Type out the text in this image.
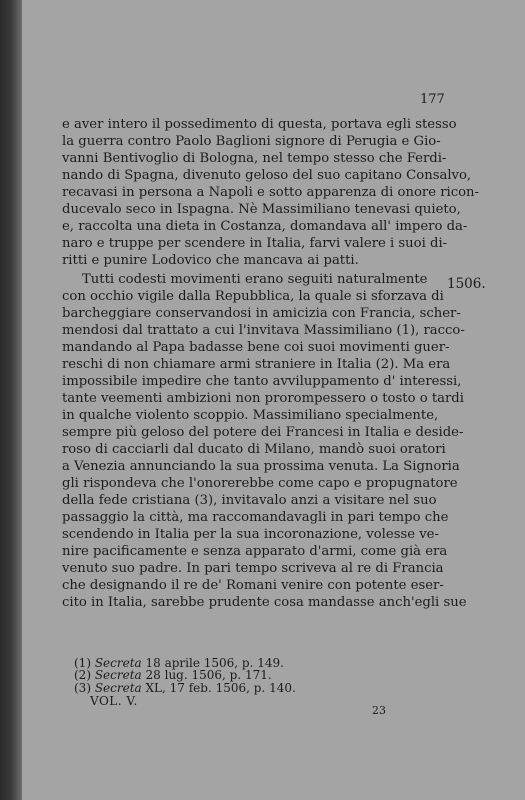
177
e aver intero il possedimento di questa, portava egli stesso
la guerra contro Paolo Baglioni signore di Perugia e Gio-
vanni Bentivoglio di Bologna, nel tempo stesso che Ferdi-
nando di Spagna, divenuto geloso del suo capitano Consalvo,
recavasi in persona a Napoli e sotto apparenza di onore ricon-
ducevalo seco in Ispagna. Nè Massimiliano tenevasi quieto,
e, raccolta una dieta in Costanza, domandava all' impero da-
naro e truppe per scendere in Italia, farvi valere i suoi di-
ritti e punire Lodovico che mancava ai patti.
Tutti codesti movimenti erano seguiti naturalmente
con occhio vigile dalla Repubblica, la quale si sforzava di
barcheggiare conservandosi in amicizia con Francia, scher-
mendosi dal trattato a cui l'invitava Massimiliano (1), racco-
mandando al Papa badasse bene coi suoi movimenti guer-
reschi di non chiamare armi straniere in Italia (2). Ma era
impossibile impedire che tanto avviluppamento d' interessi,
tante veementi ambizioni non prorompessero o tosto o tardi
in qualche violento scoppio. Massimiliano specialmente,
sempre più geloso del potere dei Francesi in Italia e deside-
roso di cacciarli dal ducato di Milano, mandò suoi oratori
a Venezia annunciando la sua prossima venuta. La Signoria
gli rispondeva che l'onorerebbe come capo e propugnatore
della fede cristiana (3), invitavalo anzi a visitare nel suo
passaggio la città, ma raccomandavagli in pari tempo che
scendendo in Italia per la sua incoronazione, volesse ve-
nire pacificamente e senza apparato d'armi, come già era
venuto suo padre. In pari tempo scriveva al re di Francia
che designando il re de' Romani venire con potente eser-
cito in Italia, sarebbe prudente cosa mandasse anch'egli sue
1506.
(1) Secreta 18 aprile 1506, p. 149.
(2) Secreta 28 lug. 1506, p. 171.
(3) Secreta XL, 17 feb. 1506, p. 140.
VOL. V.
23
